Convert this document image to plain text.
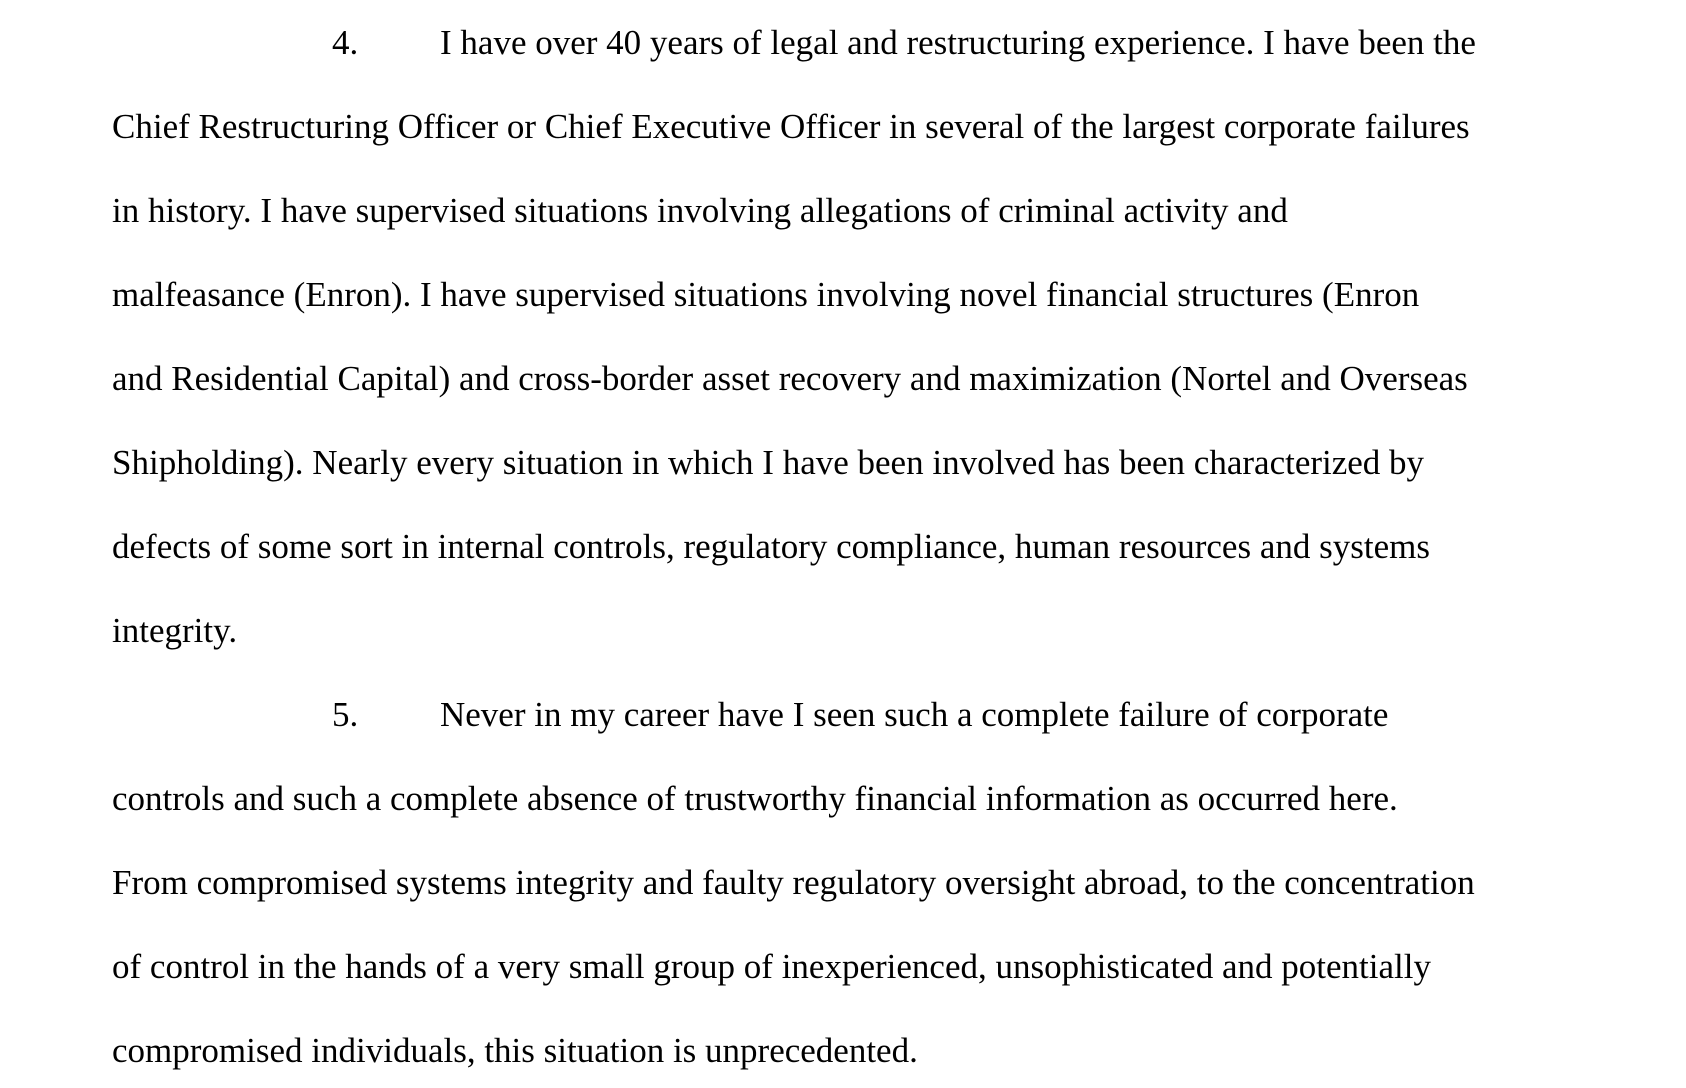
4. I have over 40 years of legal and restructuring experience. I have been the
Chief Restructuring Officer or Chief Executive Officer in several of the largest corporate failures
in history. I have supervised situations involving allegations of criminal activity and
malfeasance (Enron). I have supervised situations involving novel financial structures (Enron
and Residential Capital) and cross-border asset recovery and maximization (Nortel and Overseas
Shipholding). Nearly every situation in which I have been involved has been characterized by
defects of some sort in internal controls, regulatory compliance, human resources and systems
integrity.
5. Never in my career have I seen such a complete failure of corporate
controls and such a complete absence of trustworthy financial information as occurred here.
From compromised systems integrity and faulty regulatory oversight abroad, to the concentration
of control in the hands of a very small group of inexperienced, unsophisticated and potentially
compromised individuals, this situation is unprecedented.
